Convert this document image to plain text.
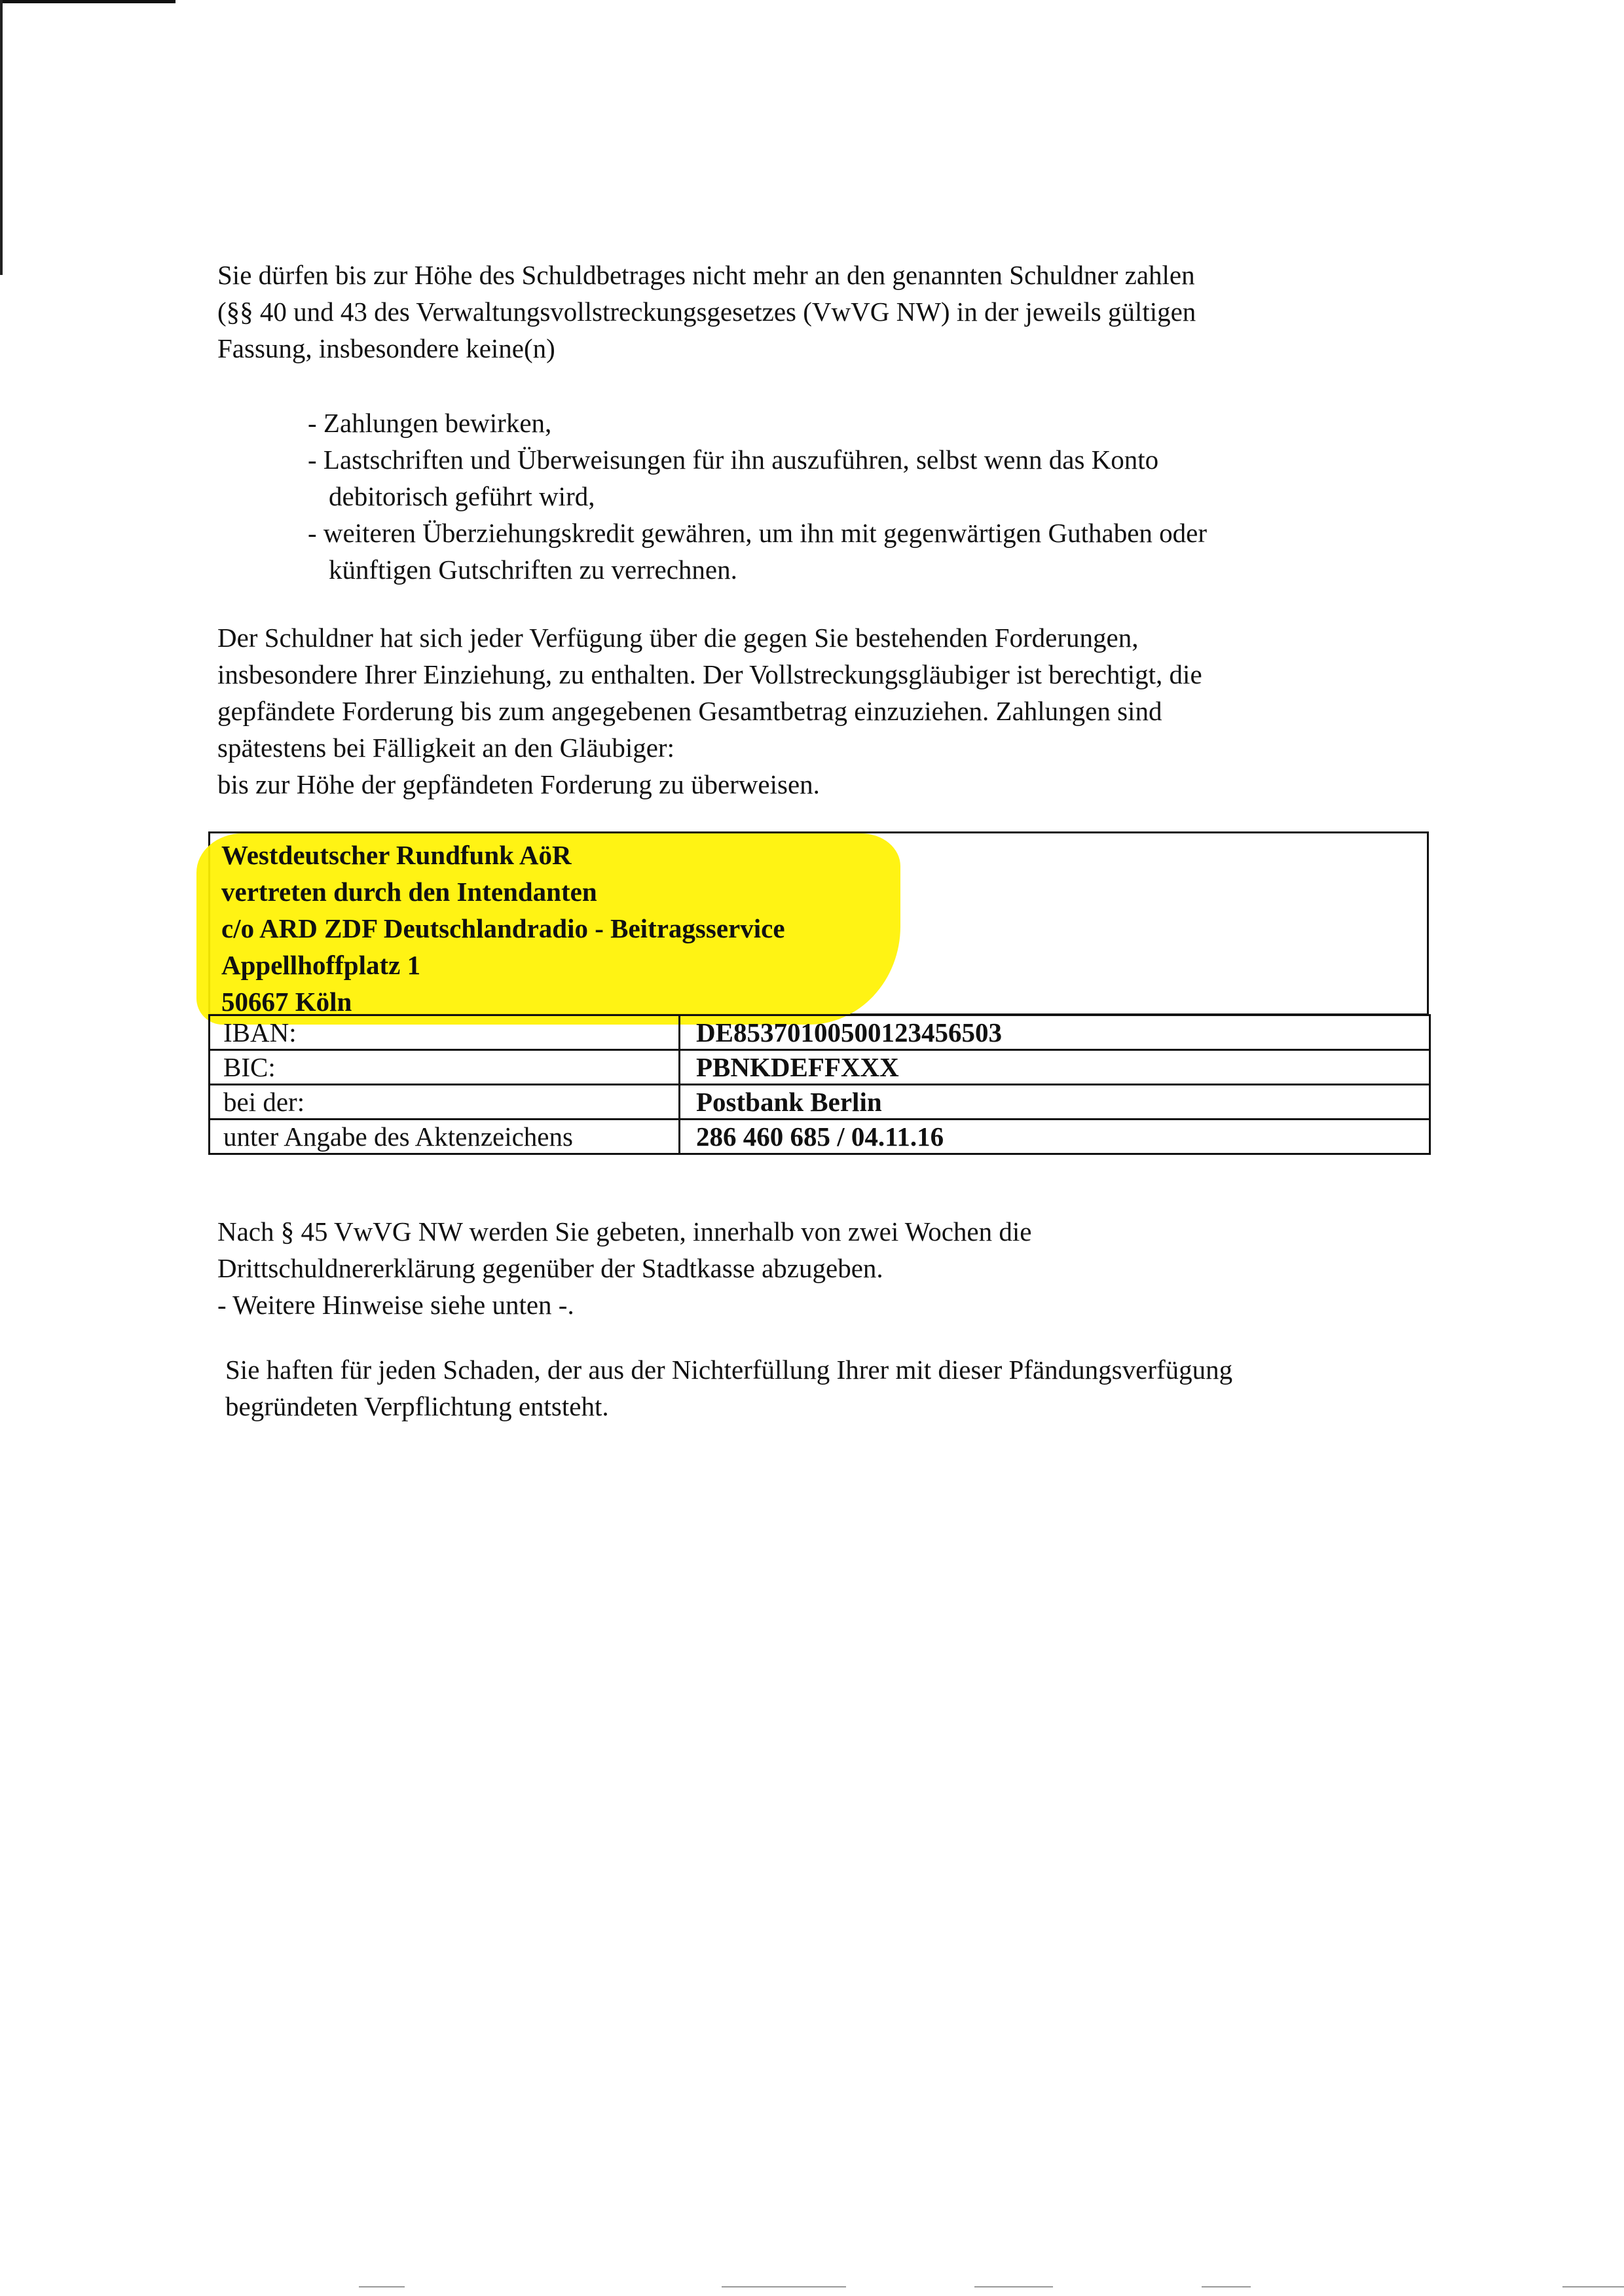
Sie dürfen bis zur Höhe des Schuldbetrages nicht mehr an den genannten Schuldner zahlen
(§§ 40 und 43 des Verwaltungsvollstreckungsgesetzes (VwVG NW) in der jeweils gültigen
Fassung, insbesondere keine(n)
- Zahlungen bewirken,
- Lastschriften und Überweisungen für ihn auszuführen, selbst wenn das Konto
debitorisch geführt wird,
- weiteren Überziehungskredit gewähren, um ihn mit gegenwärtigen Guthaben oder
künftigen Gutschriften zu verrechnen.
Der Schuldner hat sich jeder Verfügung über die gegen Sie bestehenden Forderungen,
insbesondere Ihrer Einziehung, zu enthalten. Der Vollstreckungsgläubiger ist berechtigt, die
gepfändete Forderung bis zum angegebenen Gesamtbetrag einzuziehen. Zahlungen sind
spätestens bei Fälligkeit an den Gläubiger:
bis zur Höhe der gepfändeten Forderung zu überweisen.
Westdeutscher Rundfunk AöR
vertreten durch den Intendanten
c/o ARD ZDF Deutschlandradio - Beitragsservice
Appellhoffplatz 1
50667 Köln
IBAN:	DE85370100500123456503
BIC:	PBNKDEFFXXX
bei der:	Postbank Berlin
unter Angabe des Aktenzeichens	286 460 685 / 04.11.16
Nach § 45 VwVG NW werden Sie gebeten, innerhalb von zwei Wochen die
Drittschuldnererklärung gegenüber der Stadtkasse abzugeben.
- Weitere Hinweise siehe unten -.
Sie haften für jeden Schaden, der aus der Nichterfüllung Ihrer mit dieser Pfändungsverfügung
begründeten Verpflichtung entsteht.
